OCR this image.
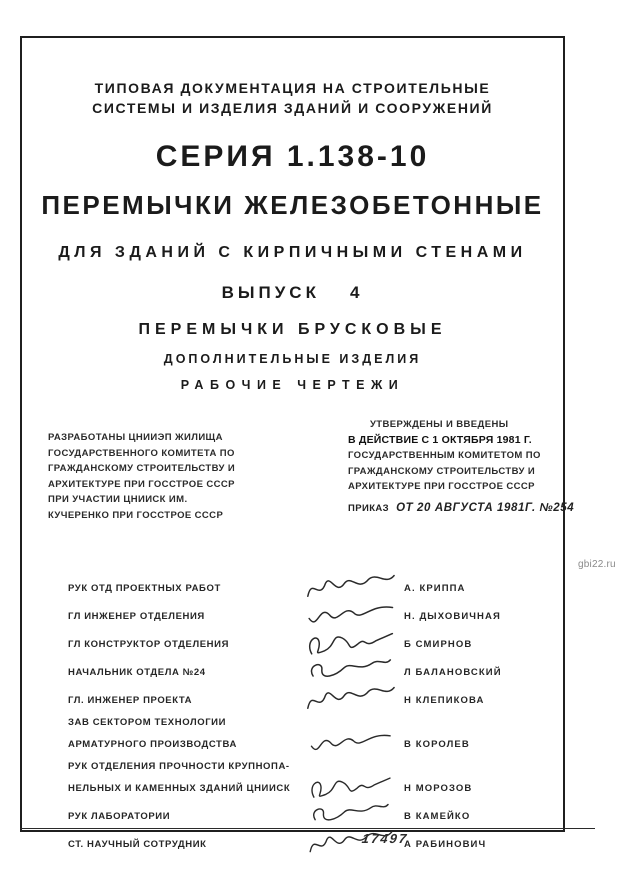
ТИПОВАЯ ДОКУМЕНТАЦИЯ НА СТРОИТЕЛЬНЫЕ
СИСТЕМЫ И ИЗДЕЛИЯ ЗДАНИЙ И СООРУЖЕНИЙ
СЕРИЯ 1.138-10
ПЕРЕМЫЧКИ ЖЕЛЕЗОБЕТОННЫЕ
ДЛЯ ЗДАНИЙ С КИРПИЧНЫМИ СТЕНАМИ
ВЫПУСК 4
ПЕРЕМЫЧКИ БРУСКОВЫЕ
ДОПОЛНИТЕЛЬНЫЕ ИЗДЕЛИЯ
РАБОЧИЕ ЧЕРТЕЖИ
РАЗРАБОТАНЫ ЦНИИЭП ЖИЛИЩА
ГОСУДАРСТВЕННОГО КОМИТЕТА ПО
ГРАЖДАНСКОМУ СТРОИТЕЛЬСТВУ И
АРХИТЕКТУРЕ ПРИ ГОССТРОЕ СССР
ПРИ УЧАСТИИ ЦНИИСК ИМ.
КУЧЕРЕНКО ПРИ ГОССТРОЕ СССР
УТВЕРЖДЕНЫ И ВВЕДЕНЫ
В ДЕЙСТВИЕ С 1 ОКТЯБРЯ 1981 Г.
ГОСУДАРСТВЕННЫМ КОМИТЕТОМ ПО
ГРАЖДАНСКОМУ СТРОИТЕЛЬСТВУ И
АРХИТЕКТУРЕ ПРИ ГОССТРОЕ СССР
ПРИКАЗ ОТ 20 АВГУСТА 1981Г. №254
РУК ОТД ПРОЕКТНЫХ РАБОТ	А. КРИППА
ГЛ ИНЖЕНЕР ОТДЕЛЕНИЯ	Н. ДЫХОВИЧНАЯ
ГЛ КОНСТРУКТОР ОТДЕЛЕНИЯ	Б СМИРНОВ
НАЧАЛЬНИК ОТДЕЛА №24	Л БАЛАНОВСКИЙ
ГЛ. ИНЖЕНЕР ПРОЕКТА	Н КЛЕПИКОВА
ЗАВ СЕКТОРОМ ТЕХНОЛОГИИ
АРМАТУРНОГО ПРОИЗВОДСТВА	В КОРОЛЕВ
РУК ОТДЕЛЕНИЯ ПРОЧНОСТИ КРУПНОПА-
НЕЛЬНЫХ И КАМЕННЫХ ЗДАНИЙ ЦНИИСК	Н МОРОЗОВ
РУК ЛАБОРАТОРИИ	В КАМЕЙКО
СТ. НАУЧНЫЙ СОТРУДНИК	А РАБИНОВИЧ
17497
gbi22.ru
